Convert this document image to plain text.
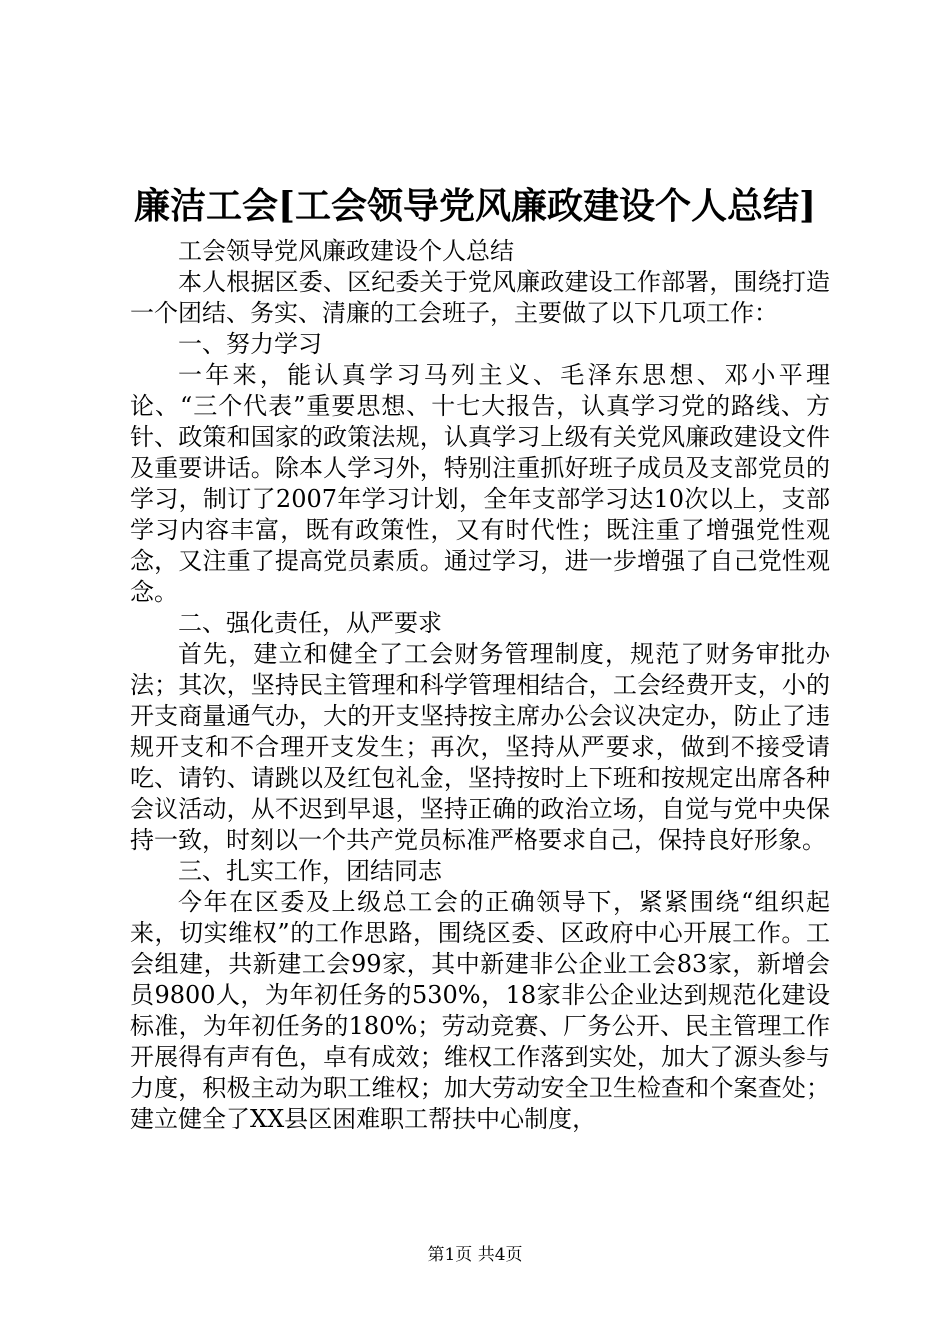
廉洁工会[工会领导党风廉政建设个人总结]

工会领导党风廉政建设个人总结

本人根据区委、区纪委关于党风廉政建设工作部署，围绕打造一个团结、务实、清廉的工会班子，主要做了以下几项工作：

一、努力学习

一年来，能认真学习马列主义、毛泽东思想、邓小平理论、“三个代表”重要思想、十七大报告，认真学习党的路线、方针、政策和国家的政策法规，认真学习上级有关党风廉政建设文件及重要讲话。除本人学习外，特别注重抓好班子成员及支部党员的学习，制订了2007年学习计划，全年支部学习达10次以上，支部学习内容丰富，既有政策性，又有时代性；既注重了增强党性观念，又注重了提高党员素质。通过学习，进一步增强了自己党性观念。

二、强化责任，从严要求

首先，建立和健全了工会财务管理制度，规范了财务审批办法；其次，坚持民主管理和科学管理相结合，工会经费开支，小的开支商量通气办，大的开支坚持按主席办公会议决定办，防止了违规开支和不合理开支发生；再次，坚持从严要求，做到不接受请吃、请钓、请跳以及红包礼金，坚持按时上下班和按规定出席各种会议活动，从不迟到早退，坚持正确的政治立场，自觉与党中央保持一致，时刻以一个共产党员标准严格要求自己，保持良好形象。

三、扎实工作，团结同志

今年在区委及上级总工会的正确领导下，紧紧围绕“组织起来，切实维权”的工作思路，围绕区委、区政府中心开展工作。工会组建，共新建工会99家，其中新建非公企业工会83家，新增会员9800人，为年初任务的530%，18家非公企业达到规范化建设标准，为年初任务的180%；劳动竞赛、厂务公开、民主管理工作开展得有声有色，卓有成效；维权工作落到实处，加大了源头参与力度，积极主动为职工维权；加大劳动安全卫生检查和个案查处；建立健全了XX县区困难职工帮扶中心制度，

第1页 共4页
